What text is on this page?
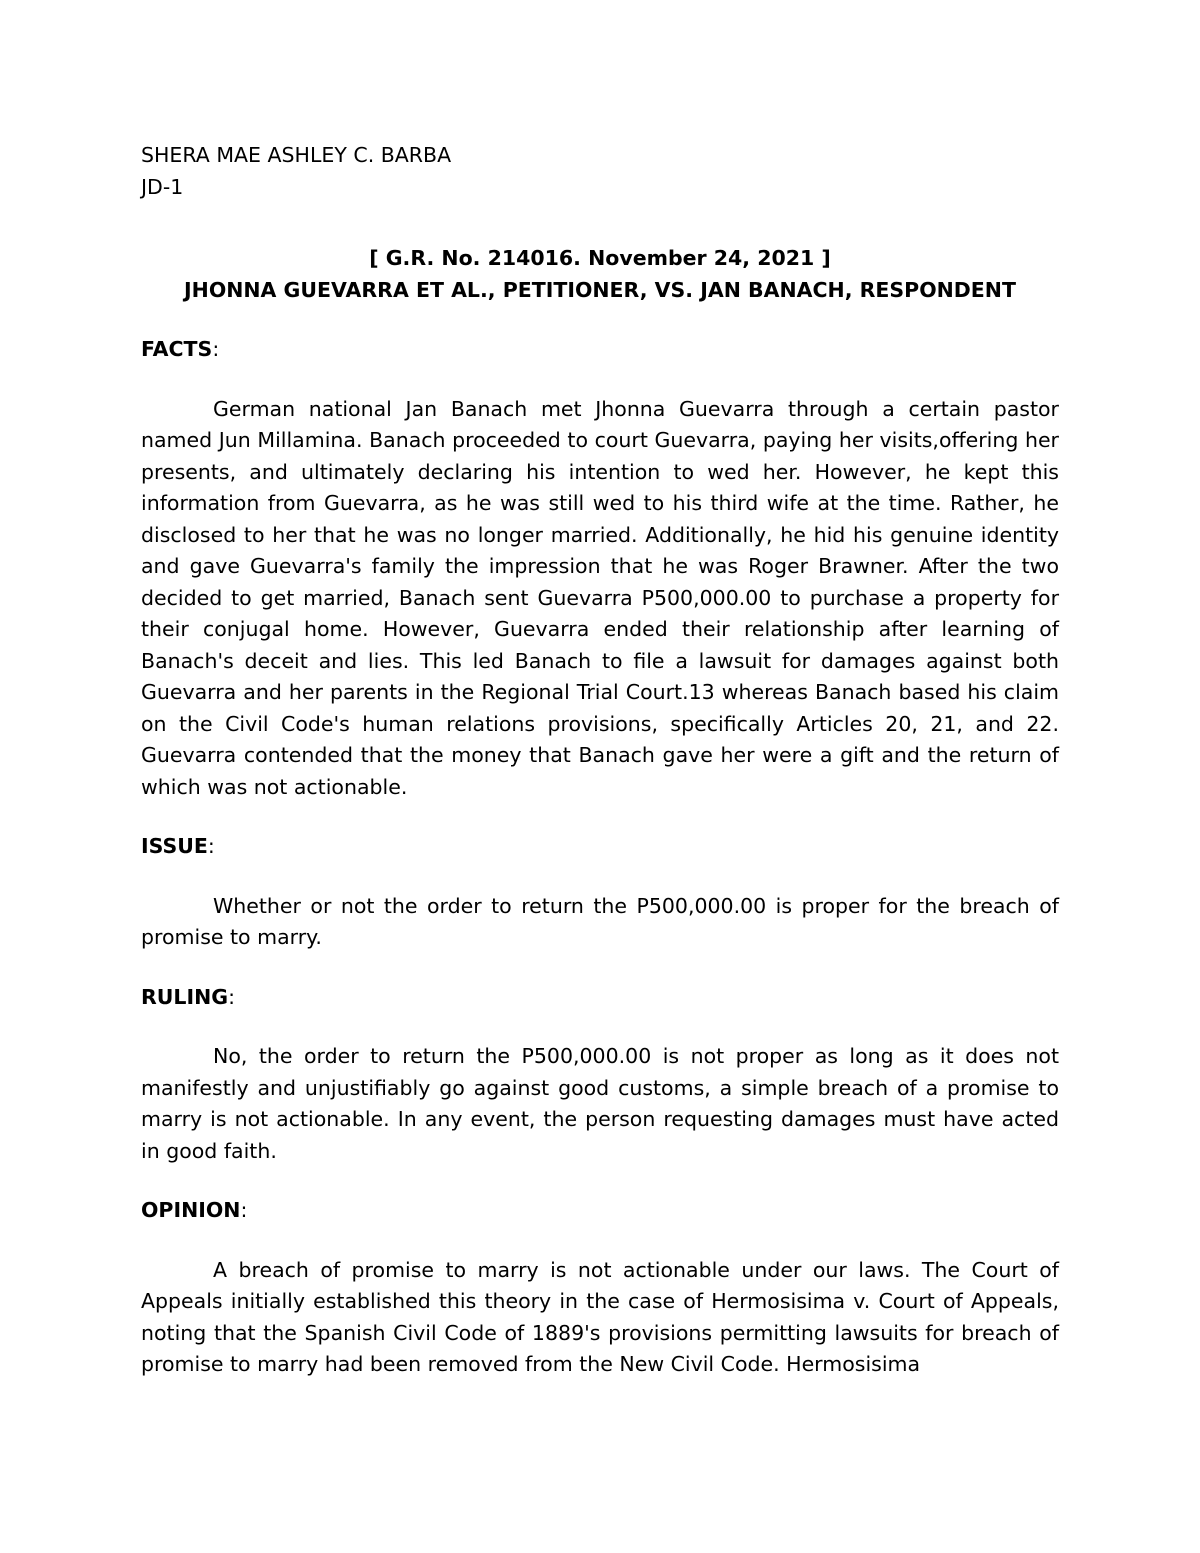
SHERA MAE ASHLEY C. BARBA
JD-1
[ G.R. No. 214016. November 24, 2021 ]
JHONNA GUEVARRA ET AL., PETITIONER, VS. JAN BANACH, RESPONDENT
FACTS:
German national Jan Banach met Jhonna Guevarra through a certain pastor named Jun Millamina. Banach proceeded to court Guevarra, paying her visits,offering her presents, and ultimately declaring his intention to wed her. However, he kept this information from Guevarra, as he was still wed to his third wife at the time. Rather, he disclosed to her that he was no longer married. Additionally, he hid his genuine identity and gave Guevarra's family the impression that he was Roger Brawner. After the two decided to get married, Banach sent Guevarra P500,000.00 to purchase a property for their conjugal home. However, Guevarra ended their relationship after learning of Banach's deceit and lies. This led Banach to file a lawsuit for damages against both Guevarra and her parents in the Regional Trial Court.13 whereas Banach based his claim on the Civil Code's human relations provisions, specifically Articles 20, 21, and 22. Guevarra contended that the money that Banach gave her were a gift and the return of which was not actionable.
ISSUE:
Whether or not the order to return the P500,000.00 is proper for the breach of promise to marry.
RULING:
No, the order to return the P500,000.00 is not proper as long as it does not manifestly and unjustifiably go against good customs, a simple breach of a promise to marry is not actionable. In any event, the person requesting damages must have acted in good faith.
OPINION:
A breach of promise to marry is not actionable under our laws. The Court of Appeals initially established this theory in the case of Hermosisima v. Court of Appeals, noting that the Spanish Civil Code of 1889's provisions permitting lawsuits for breach of promise to marry had been removed from the New Civil Code. Hermosisima
